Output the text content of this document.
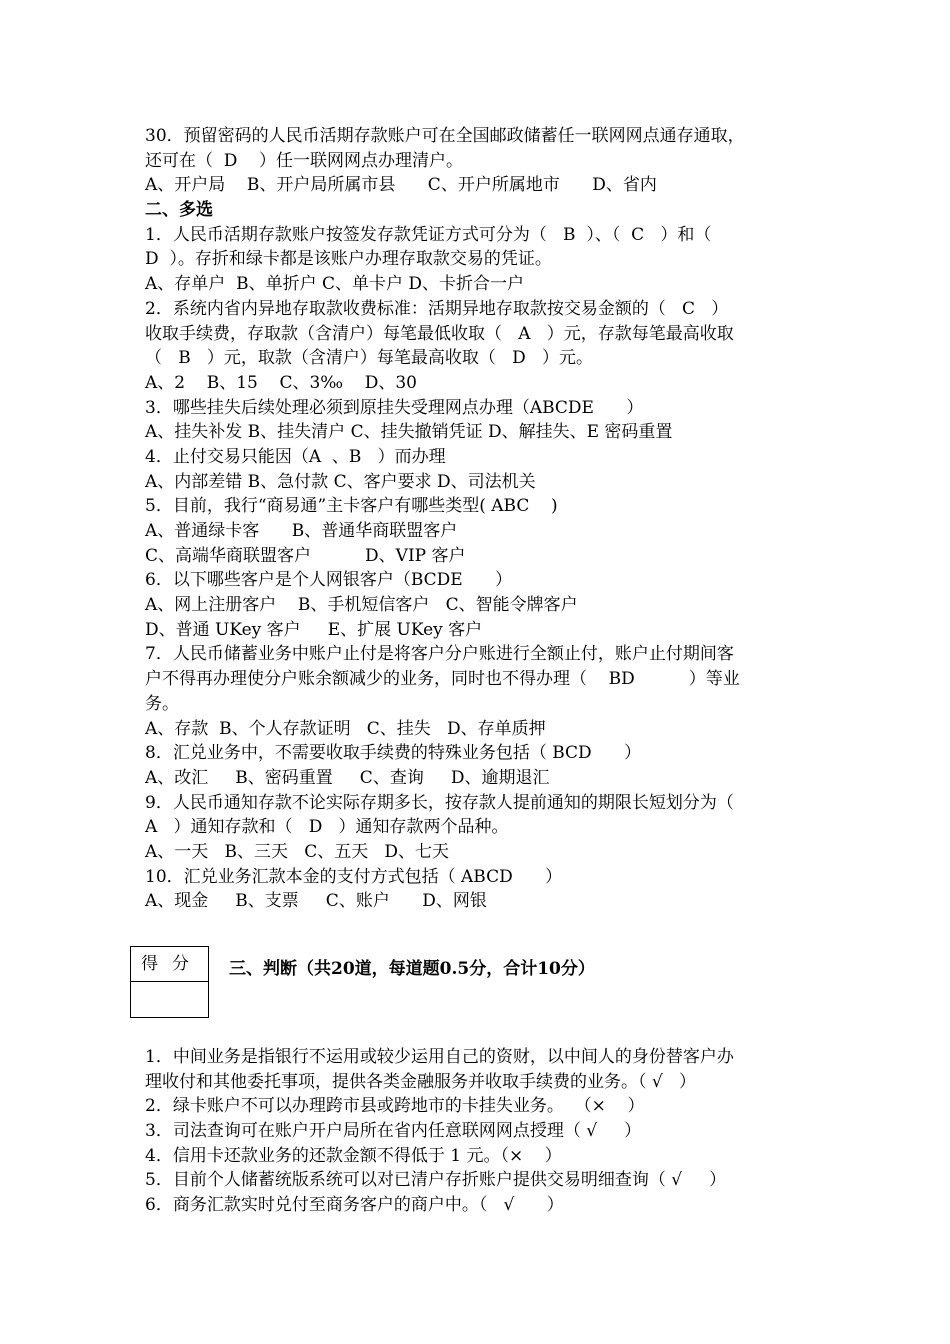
30．预留密码的人民币活期存款账户可在全国邮政储蓄任一联网网点通存通取，
还可在（  D    ）任一联网网点办理清户。
A、开户局    B、开户局所属市县      C、开户所属地市      D、省内
二、多选
1．人民币活期存款账户按签发存款凭证方式可分为（   B  ）、（  C   ）和（
D  ）。存折和绿卡都是该账户办理存取款交易的凭证。
A、存单户  B、单折户 C、单卡户 D、卡折合一户
2．系统内省内异地存取款收费标准：活期异地存取款按交易金额的（   C   ）
收取手续费，存取款（含清户）每笔最低收取（   A   ）元，存款每笔最高收取
（   B   ）元，取款（含清户）每笔最高收取（   D   ）元。
A、2    B、15    C、3‰    D、30
3．哪些挂失后续处理必须到原挂失受理网点办理（ABCDE      ）
A、挂失补发 B、挂失清户 C、挂失撤销凭证 D、解挂失、E 密码重置
4．止付交易只能因（A  、B   ）而办理
A、内部差错 B、急付款 C、客户要求 D、司法机关
5．目前，我行“商易通”主卡客户有哪些类型( ABC    )
A、普通绿卡客      B、普通华商联盟客户
C、高端华商联盟客户          D、VIP 客户
6．以下哪些客户是个人网银客户（BCDE      ）
A、网上注册客户    B、手机短信客户   C、智能令牌客户
D、普通 UKey 客户     E、扩展 UKey 客户
7．人民币储蓄业务中账户止付是将客户分户账进行全额止付，账户止付期间客
户不得再办理使分户账余额减少的业务，同时也不得办理（    BD          ）等业
务。
A、存款  B、个人存款证明   C、挂失   D、存单质押
8．汇兑业务中，不需要收取手续费的特殊业务包括（ BCD      ）
A、改汇     B、密码重置     C、查询     D、逾期退汇
9．人民币通知存款不论实际存期多长，按存款人提前通知的期限长短划分为（
A   ）通知存款和（   D   ）通知存款两个品种。
A、一天   B、三天   C、五天   D、七天
10．汇兑业务汇款本金的支付方式包括（ ABCD      ）
A、现金     B、支票     C、账户      D、网银
得分 三、判断（共20道，每道题0.5分，合计10分）
1．中间业务是指银行不运用或较少运用自己的资财，以中间人的身份替客户办
理收付和其他委托事项，提供各类金融服务并收取手续费的业务。（ √   ）
2．绿卡账户不可以办理跨市县或跨地市的卡挂失业务。  （×    ）
3．司法查询可在账户开户局所在省内任意联网网点授理（ √     ）
4．信用卡还款业务的还款金额不得低于 1 元。（×    ）
5．目前个人储蓄统版系统可以对已清户存折账户提供交易明细查询（ √     ）
6．商务汇款实时兑付至商务客户的商户中。（   √      ）
